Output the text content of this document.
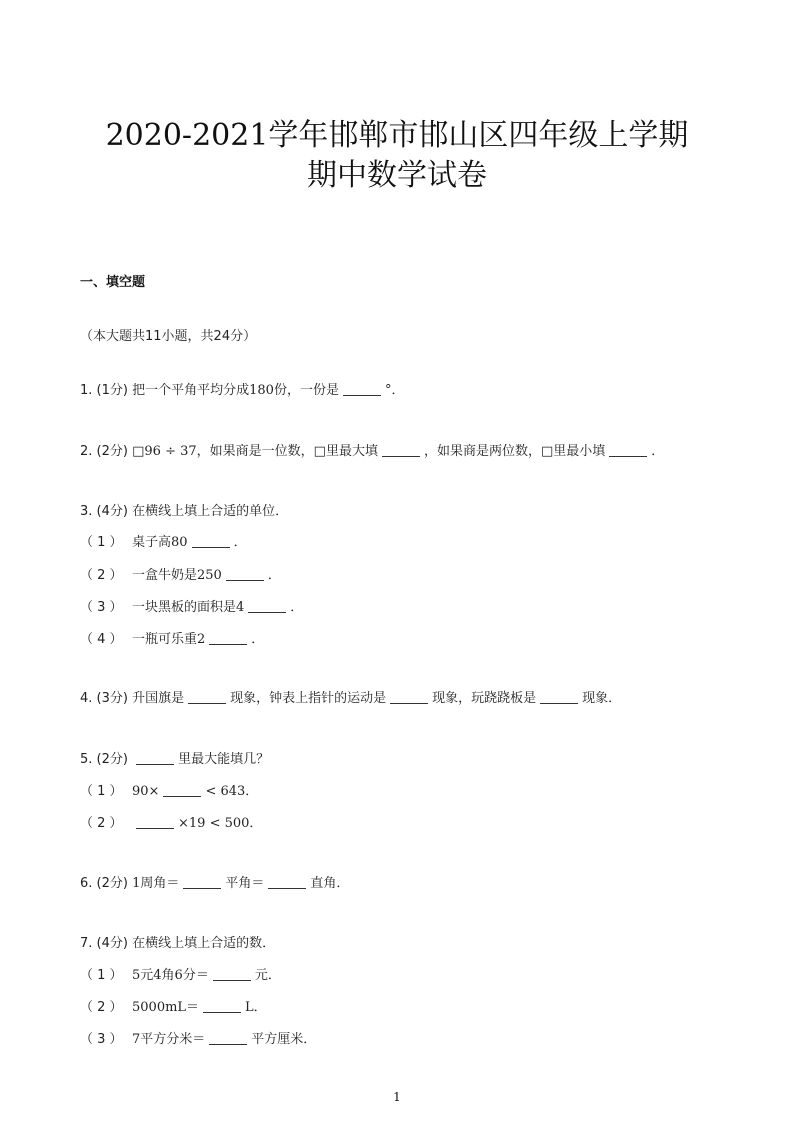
2020-2021学年邯郸市邯山区四年级上学期
期中数学试卷
一、填空题
（本大题共11小题，共24分）
1. (1分) 把一个平角平均分成180份，一份是	°．
2. (2分) □96 ÷ 37，如果商是一位数，□里最大填	，如果商是两位数，□里最小填	．
3. (4分) 在横线上填上合适的单位．
（ 1 ） 桌子高80	．
（ 2 ） 一盒牛奶是250	．
（ 3 ） 一块黑板的面积是4	．
（ 4 ） 一瓶可乐重2	．
4. (3分) 升国旗是	现象，钟表上指针的运动是	现象，玩跷跷板是	现象．
5. (2分)	里最大能填几？
（ 1 ） 90×	< 643．
（ 2 ）	×19 < 500．
6. (2分) 1周角＝	平角＝	直角．
7. (4分) 在横线上填上合适的数．
（ 1 ） 5元4角6分＝	元．
（ 2 ） 5000mL＝	L．
（ 3 ） 7平方分米＝	平方厘米．
1
